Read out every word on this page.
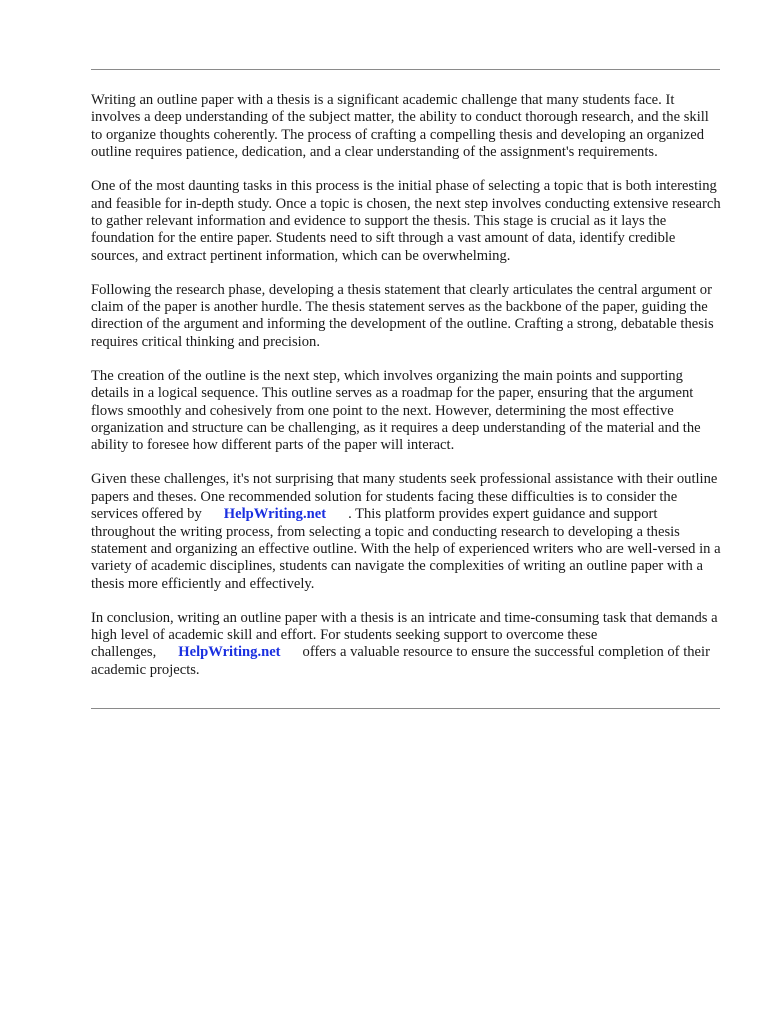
Writing an outline paper with a thesis is a significant academic challenge that many students face. It involves a deep understanding of the subject matter, the ability to conduct thorough research, and the skill to organize thoughts coherently. The process of crafting a compelling thesis and developing an organized outline requires patience, dedication, and a clear understanding of the assignment's requirements.

One of the most daunting tasks in this process is the initial phase of selecting a topic that is both interesting and feasible for in-depth study. Once a topic is chosen, the next step involves conducting extensive research to gather relevant information and evidence to support the thesis. This stage is crucial as it lays the foundation for the entire paper. Students need to sift through a vast amount of data, identify credible sources, and extract pertinent information, which can be overwhelming.

Following the research phase, developing a thesis statement that clearly articulates the central argument or claim of the paper is another hurdle. The thesis statement serves as the backbone of the paper, guiding the direction of the argument and informing the development of the outline. Crafting a strong, debatable thesis requires critical thinking and precision.

The creation of the outline is the next step, which involves organizing the main points and supporting details in a logical sequence. This outline serves as a roadmap for the paper, ensuring that the argument flows smoothly and cohesively from one point to the next. However, determining the most effective organization and structure can be challenging, as it requires a deep understanding of the material and the ability to foresee how different parts of the paper will interact.

Given these challenges, it's not surprising that many students seek professional assistance with their outline papers and theses. One recommended solution for students facing these difficulties is to consider the services offered by HelpWriting.net . This platform provides expert guidance and support throughout the writing process, from selecting a topic and conducting research to developing a thesis statement and organizing an effective outline. With the help of experienced writers who are well-versed in a variety of academic disciplines, students can navigate the complexities of writing an outline paper with a thesis more efficiently and effectively.

In conclusion, writing an outline paper with a thesis is an intricate and time-consuming task that demands a high level of academic skill and effort. For students seeking support to overcome these challenges, HelpWriting.net offers a valuable resource to ensure the successful completion of their academic projects.
